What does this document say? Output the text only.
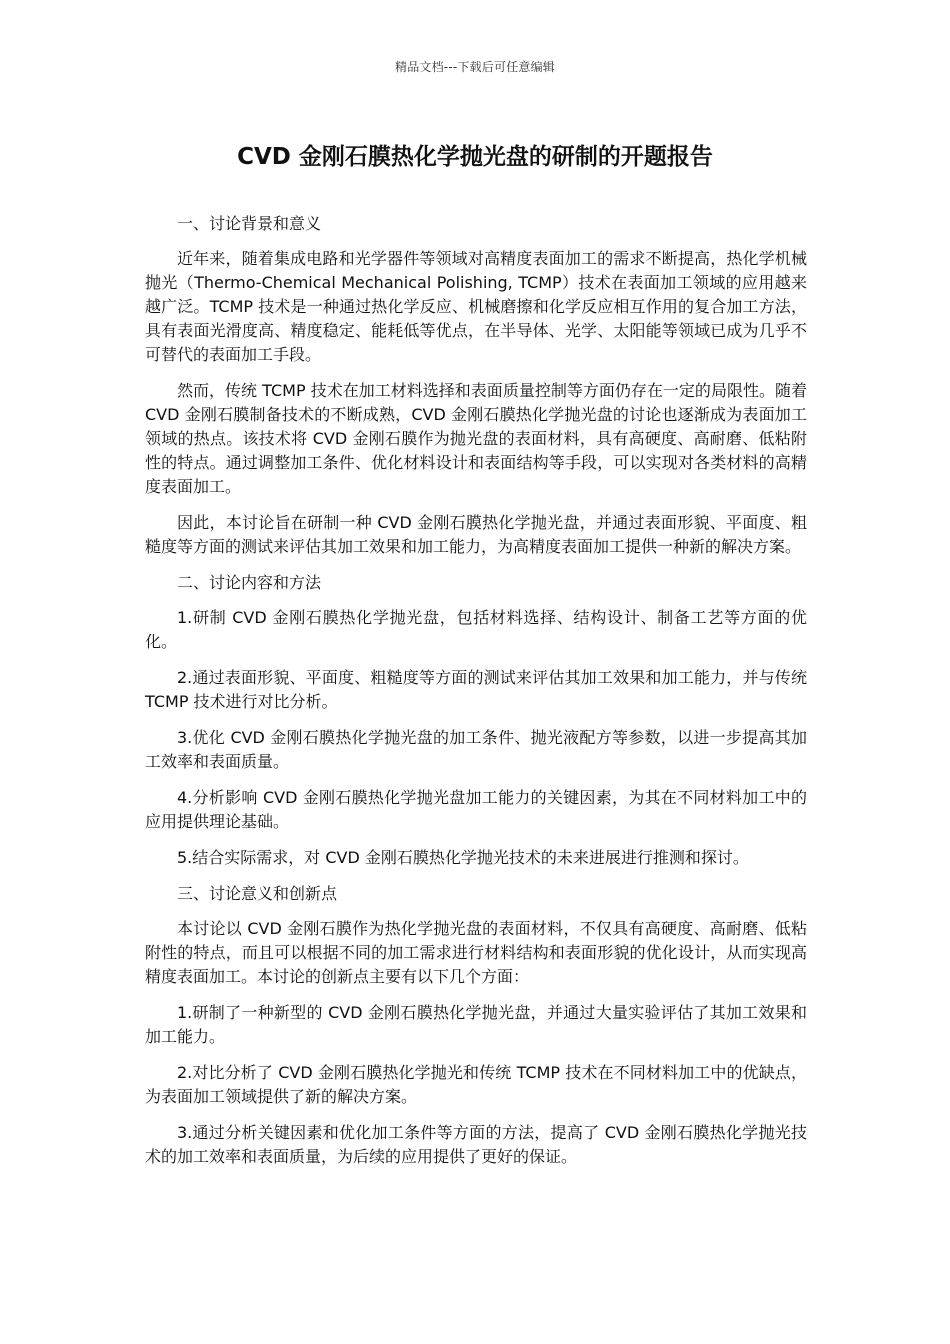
精品文档---下载后可任意编辑
CVD 金刚石膜热化学抛光盘的研制的开题报告

一、讨论背景和意义

近年来，随着集成电路和光学器件等领域对高精度表面加工的需求不断提高，热化学机械抛光（Thermo-Chemical Mechanical Polishing, TCMP）技术在表面加工领域的应用越来越广泛。TCMP 技术是一种通过热化学反应、机械磨擦和化学反应相互作用的复合加工方法，具有表面光滑度高、精度稳定、能耗低等优点，在半导体、光学、太阳能等领域已成为几乎不可替代的表面加工手段。

然而，传统 TCMP 技术在加工材料选择和表面质量控制等方面仍存在一定的局限性。随着 CVD 金刚石膜制备技术的不断成熟，CVD 金刚石膜热化学抛光盘的讨论也逐渐成为表面加工领域的热点。该技术将 CVD 金刚石膜作为抛光盘的表面材料，具有高硬度、高耐磨、低粘附性的特点。通过调整加工条件、优化材料设计和表面结构等手段，可以实现对各类材料的高精度表面加工。

因此，本讨论旨在研制一种 CVD 金刚石膜热化学抛光盘，并通过表面形貌、平面度、粗糙度等方面的测试来评估其加工效果和加工能力，为高精度表面加工提供一种新的解决方案。

二、讨论内容和方法

1.研制 CVD 金刚石膜热化学抛光盘，包括材料选择、结构设计、制备工艺等方面的优化。

2.通过表面形貌、平面度、粗糙度等方面的测试来评估其加工效果和加工能力，并与传统 TCMP 技术进行对比分析。

3.优化 CVD 金刚石膜热化学抛光盘的加工条件、抛光液配方等参数，以进一步提高其加工效率和表面质量。

4.分析影响 CVD 金刚石膜热化学抛光盘加工能力的关键因素，为其在不同材料加工中的应用提供理论基础。

5.结合实际需求，对 CVD 金刚石膜热化学抛光技术的未来进展进行推测和探讨。

三、讨论意义和创新点

本讨论以 CVD 金刚石膜作为热化学抛光盘的表面材料，不仅具有高硬度、高耐磨、低粘附性的特点，而且可以根据不同的加工需求进行材料结构和表面形貌的优化设计，从而实现高精度表面加工。本讨论的创新点主要有以下几个方面：

1.研制了一种新型的 CVD 金刚石膜热化学抛光盘，并通过大量实验评估了其加工效果和加工能力。

2.对比分析了 CVD 金刚石膜热化学抛光和传统 TCMP 技术在不同材料加工中的优缺点，为表面加工领域提供了新的解决方案。

3.通过分析关键因素和优化加工条件等方面的方法，提高了 CVD 金刚石膜热化学抛光技术的加工效率和表面质量，为后续的应用提供了更好的保证。
